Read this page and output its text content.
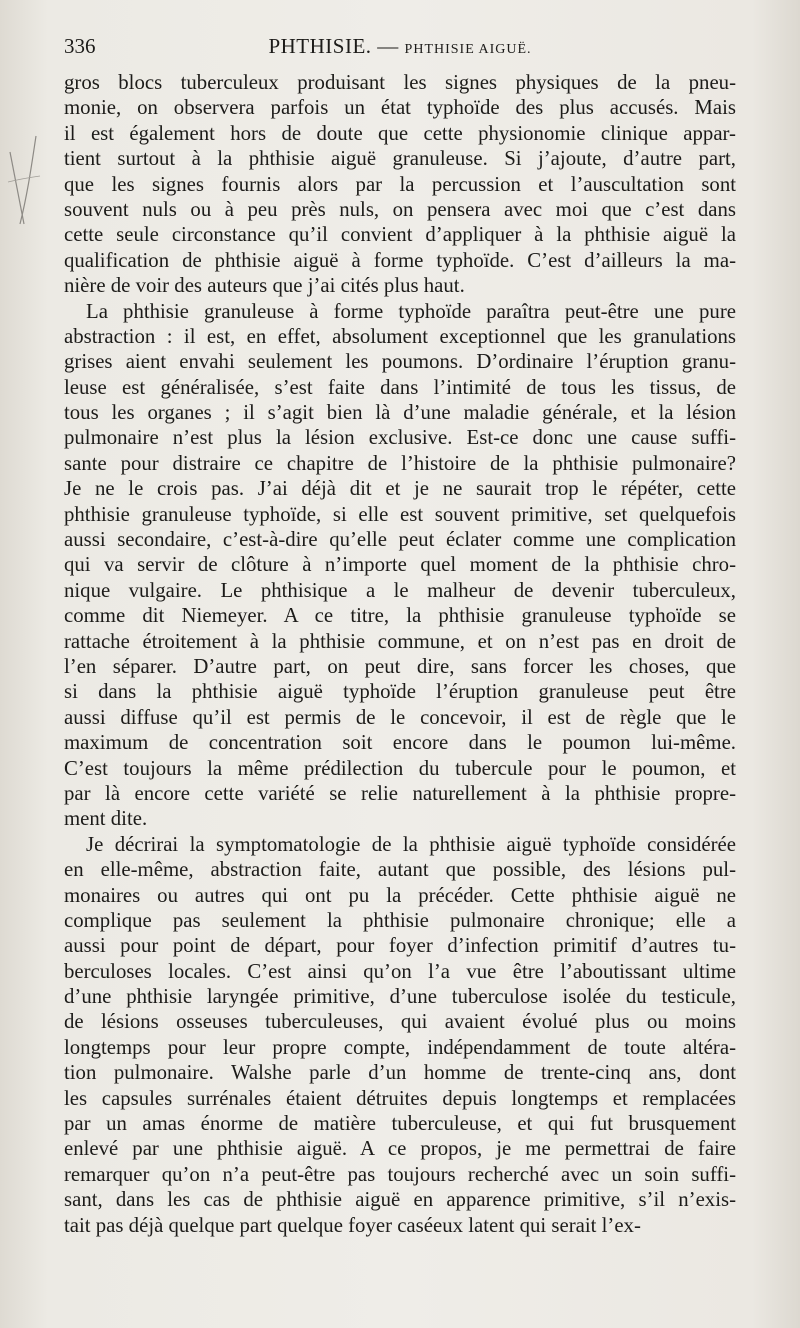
336	PHTHISIE. — PHTHISIE AIGUË.
gros blocs tuberculeux produisant les signes physiques de la pneu-
monie, on observera parfois un état typhoïde des plus accusés. Mais
il est également hors de doute que cette physionomie clinique appar-
tient surtout à la phthisie aiguë granuleuse. Si j’ajoute, d’autre part,
que les signes fournis alors par la percussion et l’auscultation sont
souvent nuls ou à peu près nuls, on pensera avec moi que c’est dans
cette seule circonstance qu’il convient d’appliquer à la phthisie aiguë la
qualification de phthisie aiguë à forme typhoïde. C’est d’ailleurs la ma-
nière de voir des auteurs que j’ai cités plus haut.
La phthisie granuleuse à forme typhoïde paraîtra peut-être une pure
abstraction : il est, en effet, absolument exceptionnel que les granulations
grises aient envahi seulement les poumons. D’ordinaire l’éruption granu-
leuse est généralisée, s’est faite dans l’intimité de tous les tissus, de
tous les organes ; il s’agit bien là d’une maladie générale, et la lésion
pulmonaire n’est plus la lésion exclusive. Est-ce donc une cause suffi-
sante pour distraire ce chapitre de l’histoire de la phthisie pulmonaire?
Je ne le crois pas. J’ai déjà dit et je ne saurait trop le répéter, cette
phthisie granuleuse typhoïde, si elle est souvent primitive, set quelquefois
aussi secondaire, c’est-à-dire qu’elle peut éclater comme une complication
qui va servir de clôture à n’importe quel moment de la phthisie chro-
nique vulgaire. Le phthisique a le malheur de devenir tuberculeux,
comme dit Niemeyer. A ce titre, la phthisie granuleuse typhoïde se
rattache étroitement à la phthisie commune, et on n’est pas en droit de
l’en séparer. D’autre part, on peut dire, sans forcer les choses, que
si dans la phthisie aiguë typhoïde l’éruption granuleuse peut être
aussi diffuse qu’il est permis de le concevoir, il est de règle que le
maximum de concentration soit encore dans le poumon lui-même.
C’est toujours la même prédilection du tubercule pour le poumon, et
par là encore cette variété se relie naturellement à la phthisie propre-
ment dite.
Je décrirai la symptomatologie de la phthisie aiguë typhoïde considérée
en elle-même, abstraction faite, autant que possible, des lésions pul-
monaires ou autres qui ont pu la précéder. Cette phthisie aiguë ne
complique pas seulement la phthisie pulmonaire chronique; elle a
aussi pour point de départ, pour foyer d’infection primitif d’autres tu-
berculoses locales. C’est ainsi qu’on l’a vue être l’aboutissant ultime
d’une phthisie laryngée primitive, d’une tuberculose isolée du testicule,
de lésions osseuses tuberculeuses, qui avaient évolué plus ou moins
longtemps pour leur propre compte, indépendamment de toute altéra-
tion pulmonaire. Walshe parle d’un homme de trente-cinq ans, dont
les capsules surrénales étaient détruites depuis longtemps et remplacées
par un amas énorme de matière tuberculeuse, et qui fut brusquement
enlevé par une phthisie aiguë. A ce propos, je me permettrai de faire
remarquer qu’on n’a peut-être pas toujours recherché avec un soin suffi-
sant, dans les cas de phthisie aiguë en apparence primitive, s’il n’exis-
tait pas déjà quelque part quelque foyer caséeux latent qui serait l’ex-
